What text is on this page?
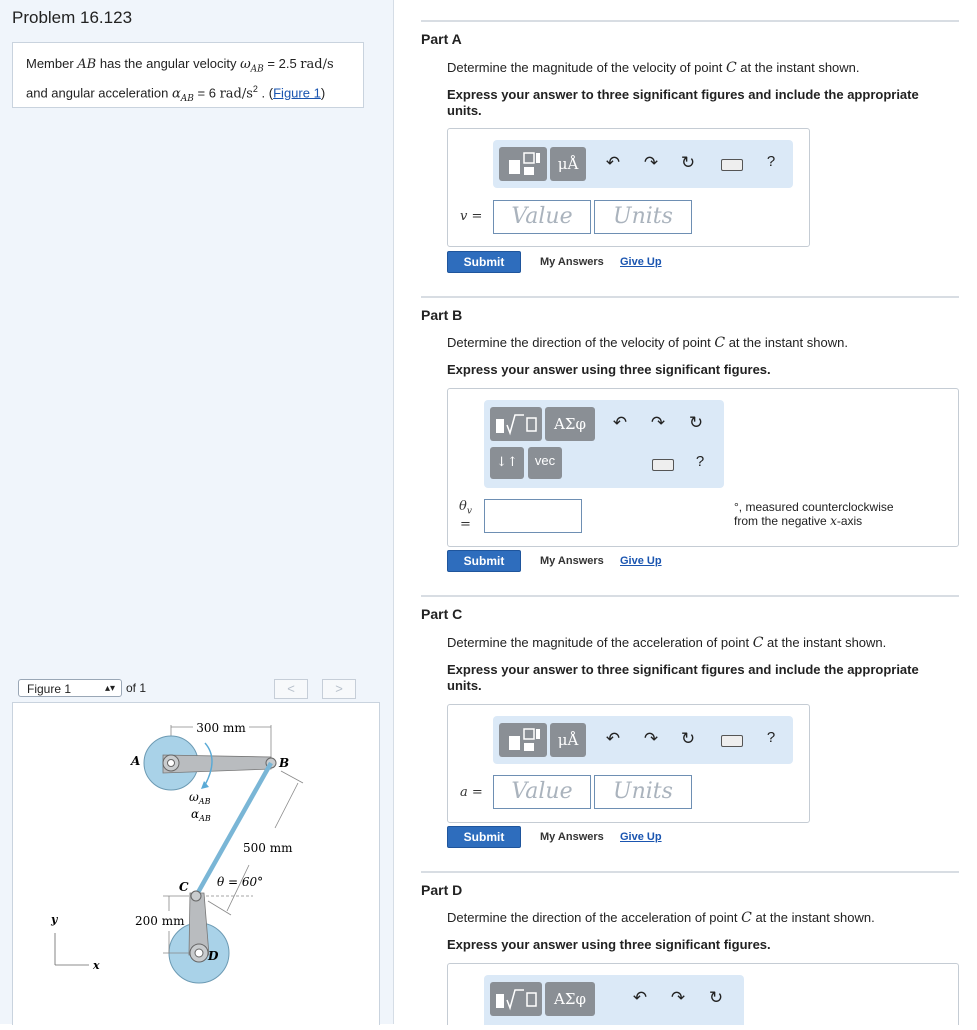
Problem 16.123
Member AB has the angular velocity $\omega_{AB} = 2.5$ rad/s
and angular acceleration $\alpha_{AB} = 6$ rad/$s^2$ . (Figure 1)
Figure 1	▴▾ of 1	<	>
300 mm
A	B
$\omega_{AB}$
$\alpha_{AB}$
500 mm
θ = 60°
C
D
200 mm
y
x
Part A
Determine the magnitude of the velocity of point C at the instant shown.
Express your answer to three significant figures and include the appropriate units.
μÅ	↶ ↷ ↻	?
v =	Value	Units
Submit	My Answers Give Up
Part B
Determine the direction of the velocity of point C at the instant shown.
Express your answer using three significant figures.
ΑΣφ	↶ ↷ ↻
↓↑	vec	?
$\theta_v$
=
°, measured counterclockwise
from the negative x-axis
Submit	My Answers Give Up
Part C
Determine the magnitude of the acceleration of point C at the instant shown.
Express your answer to three significant figures and include the appropriate units.
μÅ	↶ ↷ ↻	?
a =	Value	Units
Submit	My Answers Give Up
Part D
Determine the direction of the acceleration of point C at the instant shown.
Express your answer using three significant figures.
ΑΣφ	↶ ↷ ↻
